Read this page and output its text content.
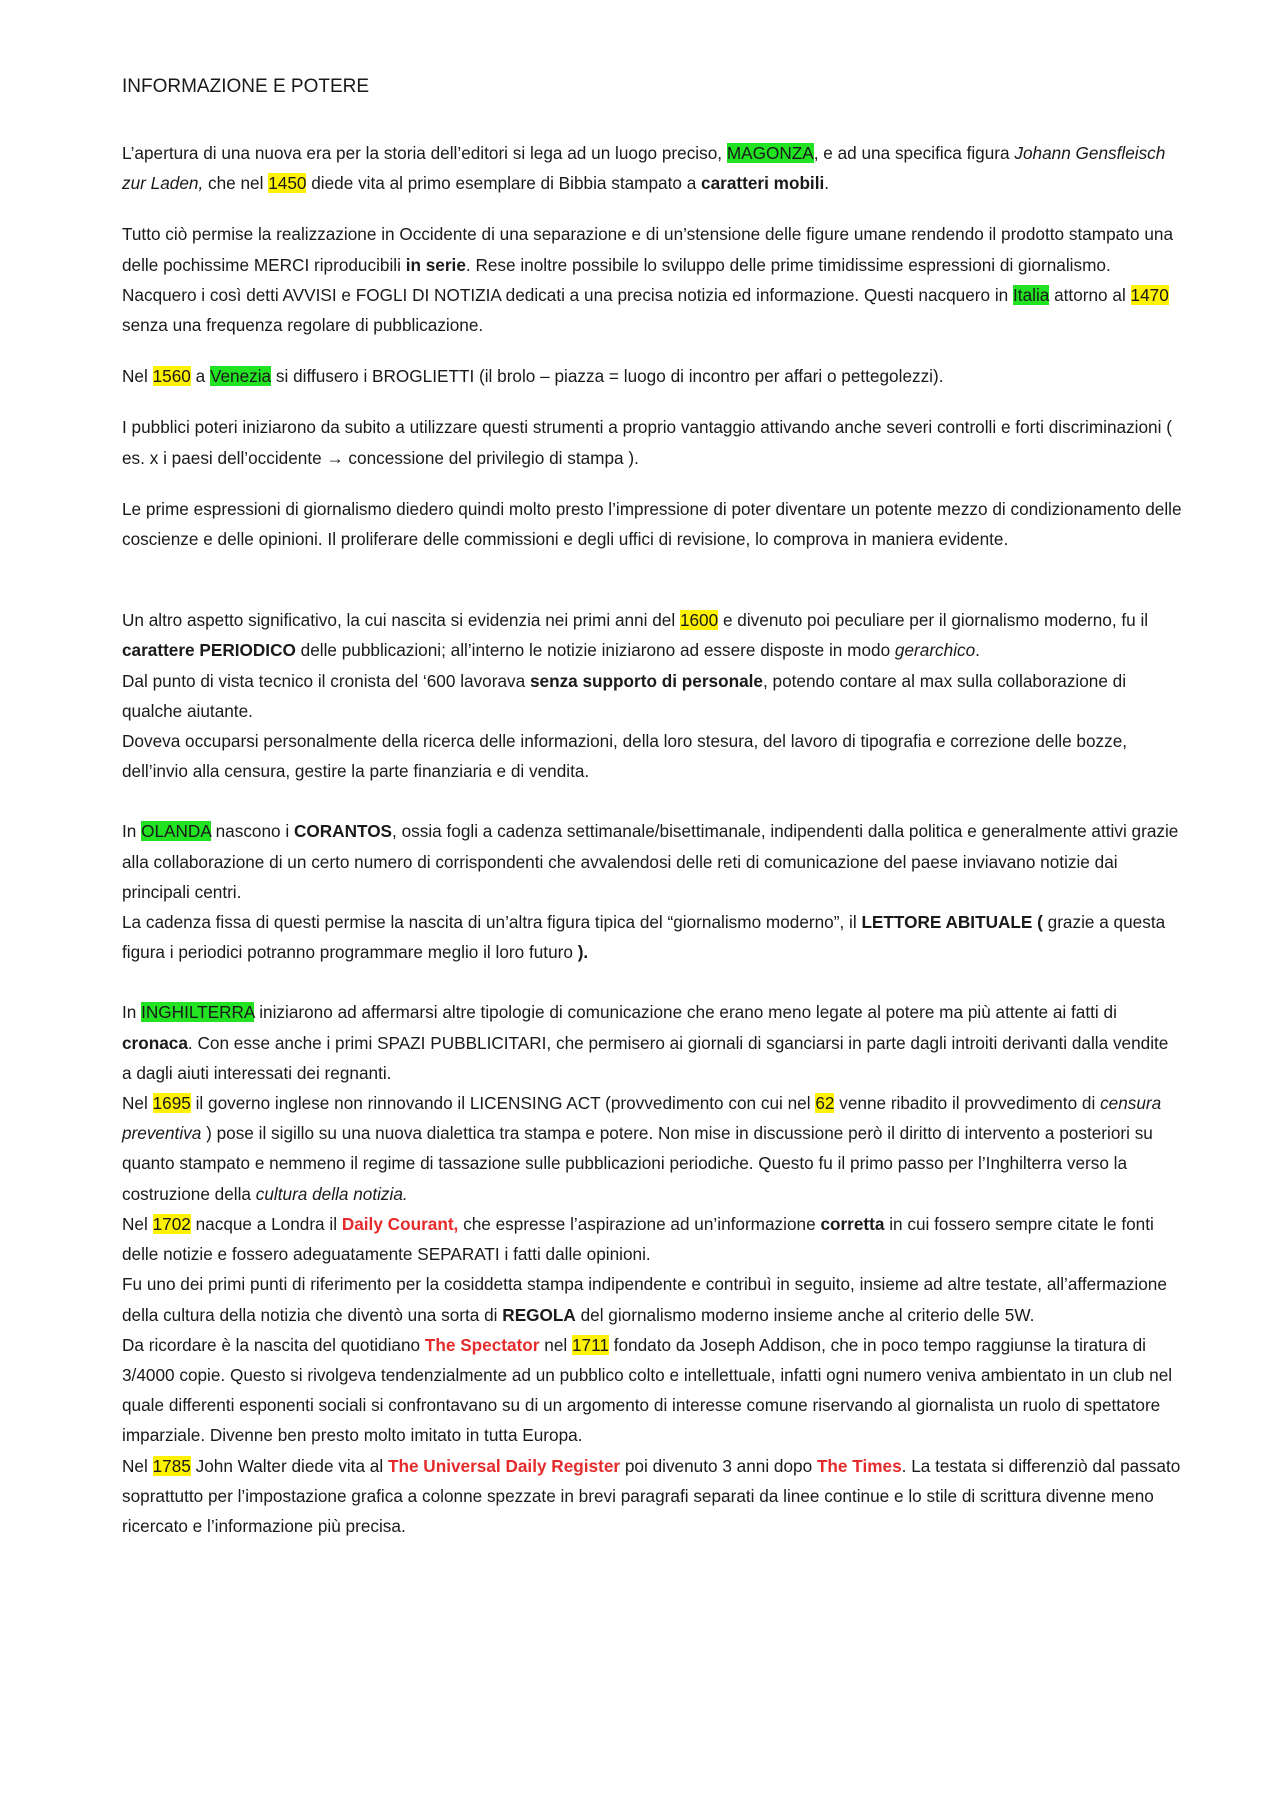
INFORMAZIONE E POTERE

L’apertura di una nuova era per la storia dell’editori si lega ad un luogo preciso, MAGONZA, e ad una specifica figura Johann Gensfleisch zur Laden, che nel 1450 diede vita al primo esemplare di Bibbia stampato a caratteri mobili.

Tutto ciò permise la realizzazione in Occidente di una separazione e di un’stensione delle figure umane rendendo il prodotto stampato una delle pochissime MERCI riproducibili in serie. Rese inoltre possibile lo sviluppo delle prime timidissime espressioni di giornalismo. Nacquero i così detti AVVISI e FOGLI DI NOTIZIA dedicati a una precisa notizia ed informazione. Questi nacquero in Italia attorno al 1470 senza una frequenza regolare di pubblicazione.

Nel 1560 a Venezia si diffusero i BROGLIETTI (il brolo – piazza = luogo di incontro per affari o pettegolezzi).

I pubblici poteri iniziarono da subito a utilizzare questi strumenti a proprio vantaggio attivando anche severi controlli e forti discriminazioni ( es. x i paesi dell’occidente → concessione del privilegio di stampa ).

Le prime espressioni di giornalismo diedero quindi molto presto l’impressione di poter diventare un potente mezzo di condizionamento delle coscienze e delle opinioni. Il proliferare delle commissioni e degli uffici di revisione, lo comprova in maniera evidente.

Un altro aspetto significativo, la cui nascita si evidenzia nei primi anni del 1600 e divenuto poi peculiare per il giornalismo moderno, fu il carattere PERIODICO delle pubblicazioni; all’interno le notizie iniziarono ad essere disposte in modo gerarchico.

Dal punto di vista tecnico il cronista del ‘600 lavorava senza supporto di personale, potendo contare al max sulla collaborazione di qualche aiutante.

Doveva occuparsi personalmente della ricerca delle informazioni, della loro stesura, del lavoro di tipografia e correzione delle bozze, dell’invio alla censura, gestire la parte finanziaria e di vendita.

In OLANDA nascono i CORANTOS, ossia fogli a cadenza settimanale/bisettimanale, indipendenti dalla politica e generalmente attivi grazie alla collaborazione di un certo numero di corrispondenti che avvalendosi delle reti di comunicazione del paese inviavano notizie dai principali centri.

La cadenza fissa di questi permise la nascita di un’altra figura tipica del “giornalismo moderno”, il LETTORE ABITUALE ( grazie a questa figura i periodici potranno programmare meglio il loro futuro ).

In INGHILTERRA iniziarono ad affermarsi altre tipologie di comunicazione che erano meno legate al potere ma più attente ai fatti di cronaca. Con esse anche i primi SPAZI PUBBLICITARI, che permisero ai giornali di sganciarsi in parte dagli introiti derivanti dalla vendite a dagli aiuti interessati dei regnanti.

Nel 1695 il governo inglese non rinnovando il LICENSING ACT (provvedimento con cui nel 62 venne ribadito il provvedimento di censura preventiva ) pose il sigillo su una nuova dialettica tra stampa e potere. Non mise in discussione però il diritto di intervento a posteriori su quanto stampato e nemmeno il regime di tassazione sulle pubblicazioni periodiche. Questo fu il primo passo per l’Inghilterra verso la costruzione della cultura della notizia.

Nel 1702 nacque a Londra il Daily Courant, che espresse l’aspirazione ad un’informazione corretta in cui fossero sempre citate le fonti delle notizie e fossero adeguatamente SEPARATI i fatti dalle opinioni.

Fu uno dei primi punti di riferimento per la cosiddetta stampa indipendente e contribuì in seguito, insieme ad altre testate, all’affermazione della cultura della notizia che diventò una sorta di REGOLA del giornalismo moderno insieme anche al criterio delle 5W.

Da ricordare è la nascita del quotidiano The Spectator nel 1711 fondato da Joseph Addison, che in poco tempo raggiunse la tiratura di 3/4000 copie. Questo si rivolgeva tendenzialmente ad un pubblico colto e intellettuale, infatti ogni numero veniva ambientato in un club nel quale differenti esponenti sociali si confrontavano su di un argomento di interesse comune riservando al giornalista un ruolo di spettatore imparziale. Divenne ben presto molto imitato in tutta Europa.

Nel 1785 John Walter diede vita al The Universal Daily Register poi divenuto 3 anni dopo The Times. La testata si differenziò dal passato soprattutto per l’impostazione grafica a colonne spezzate in brevi paragrafi separati da linee continue e lo stile di scrittura divenne meno ricercato e l’informazione più precisa.
